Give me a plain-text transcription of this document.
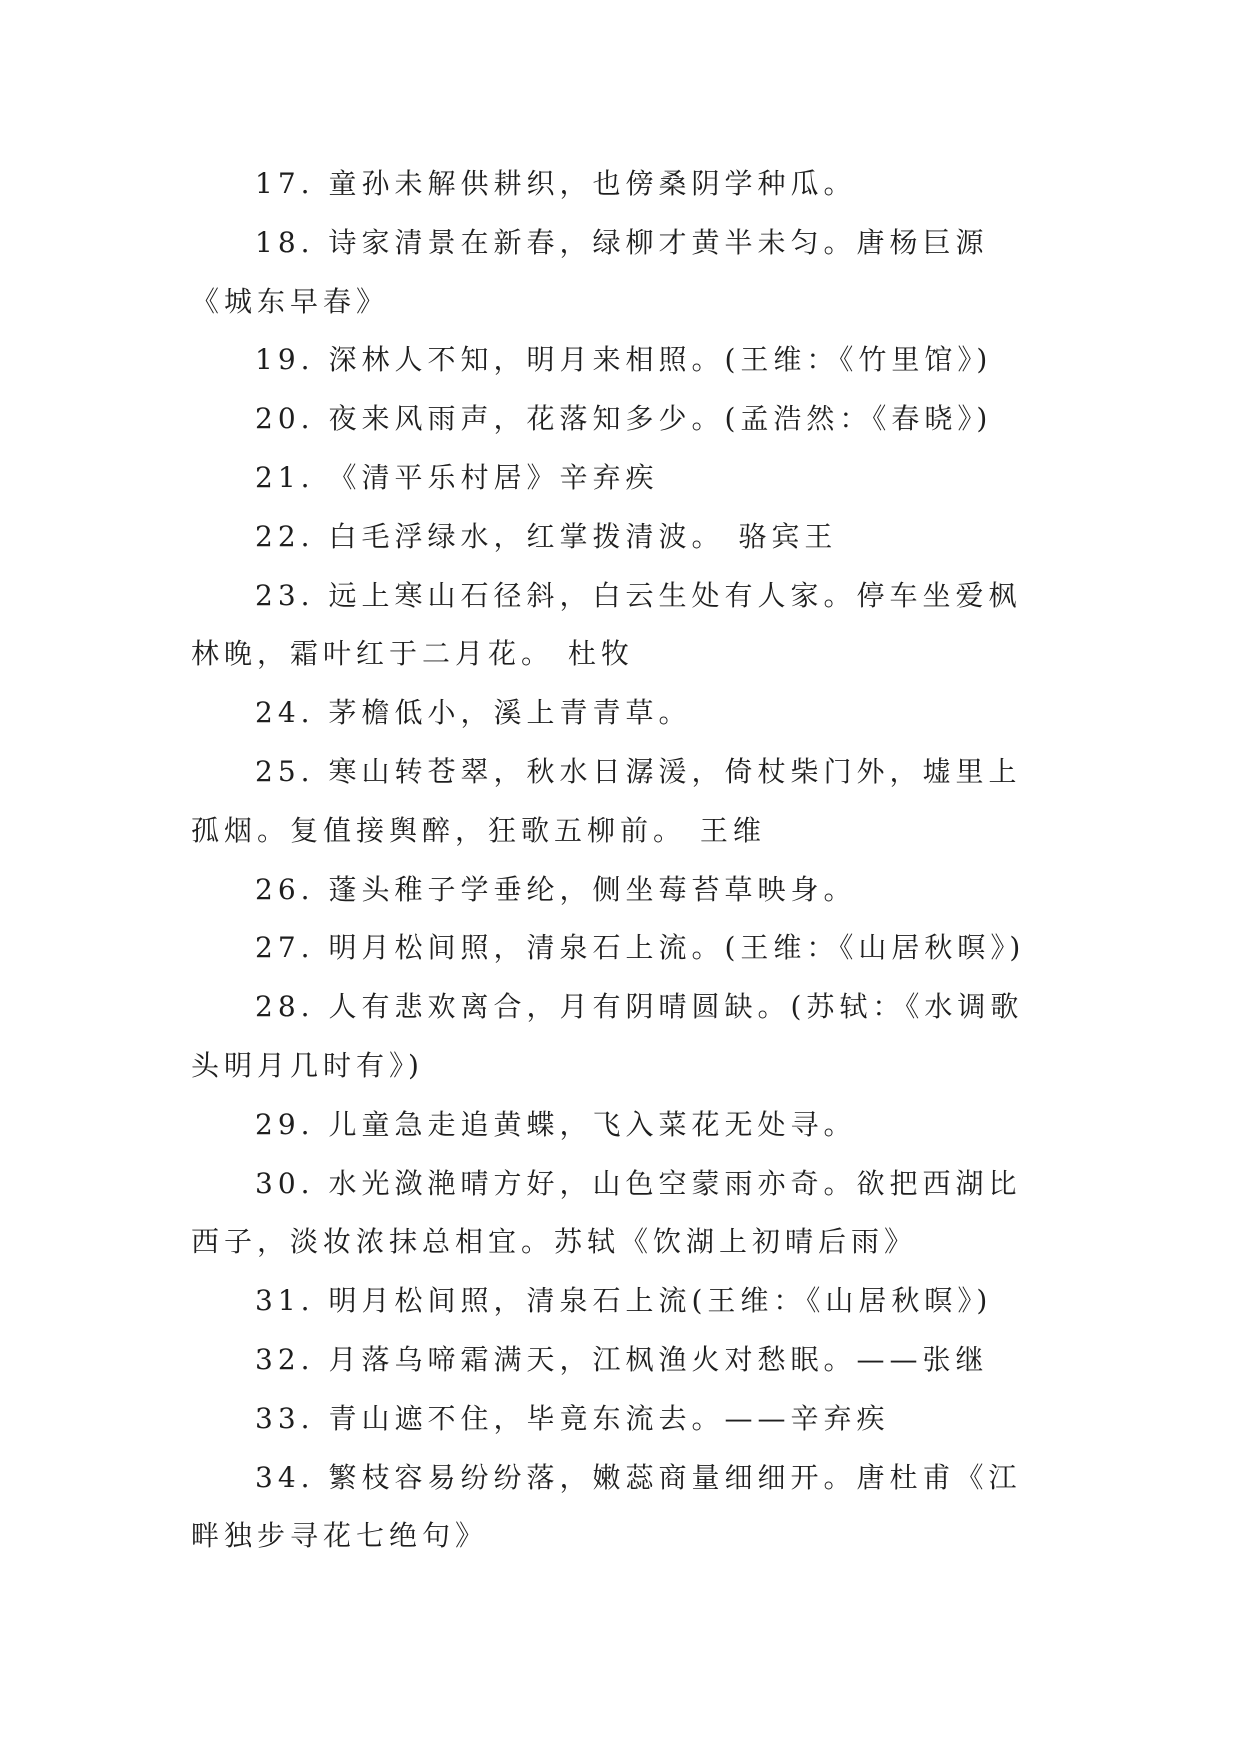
17. 童孙未解供耕织，也傍桑阴学种瓜。

18. 诗家清景在新春，绿柳才黄半未匀。唐杨巨源《城东早春》

19. 深林人不知，明月来相照。(王维：《竹里馆》)

20. 夜来风雨声，花落知多少。(孟浩然：《春晓》)

21. 《清平乐村居》辛弃疾

22. 白毛浮绿水，红掌拨清波。 骆宾王

23. 远上寒山石径斜，白云生处有人家。停车坐爱枫林晚，霜叶红于二月花。 杜牧

24. 茅檐低小，溪上青青草。

25. 寒山转苍翠，秋水日潺湲，倚杖柴门外，墟里上孤烟。复值接舆醉，狂歌五柳前。 王维

26. 蓬头稚子学垂纶，侧坐莓苔草映身。

27. 明月松间照，清泉石上流。(王维：《山居秋暝》)

28. 人有悲欢离合，月有阴晴圆缺。(苏轼：《水调歌头明月几时有》)

29. 儿童急走追黄蝶，飞入菜花无处寻。

30. 水光潋滟晴方好，山色空蒙雨亦奇。欲把西湖比西子，淡妆浓抹总相宜。苏轼《饮湖上初晴后雨》

31. 明月松间照，清泉石上流(王维：《山居秋暝》)

32. 月落乌啼霜满天，江枫渔火对愁眠。——张继

33. 青山遮不住，毕竟东流去。——辛弃疾

34. 繁枝容易纷纷落，嫩蕊商量细细开。唐杜甫《江畔独步寻花七绝句》
